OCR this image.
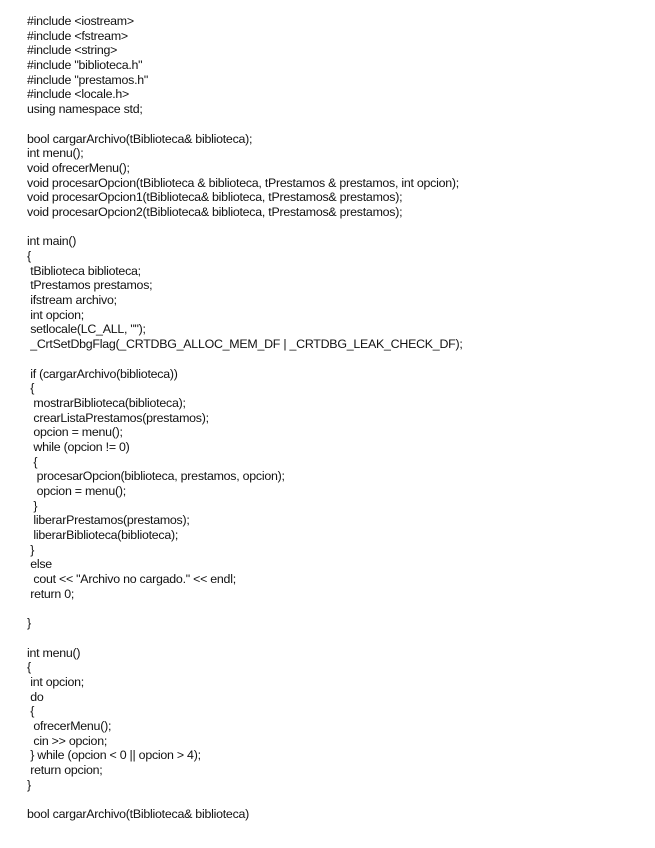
#include <iostream>
#include <fstream>
#include <string>
#include "biblioteca.h"
#include "prestamos.h"
#include <locale.h>
using namespace std;
bool cargarArchivo(tBiblioteca& biblioteca);
int menu();
void ofrecerMenu();
void procesarOpcion(tBiblioteca & biblioteca, tPrestamos & prestamos, int opcion);
void procesarOpcion1(tBiblioteca& biblioteca, tPrestamos& prestamos);
void procesarOpcion2(tBiblioteca& biblioteca, tPrestamos& prestamos);
int main()
{
tBiblioteca biblioteca;
tPrestamos prestamos;
ifstream archivo;
int opcion;
setlocale(LC_ALL, "");
_CrtSetDbgFlag(_CRTDBG_ALLOC_MEM_DF | _CRTDBG_LEAK_CHECK_DF);
if (cargarArchivo(biblioteca))
{
mostrarBiblioteca(biblioteca);
crearListaPrestamos(prestamos);
opcion = menu();
while (opcion != 0)
{
procesarOpcion(biblioteca, prestamos, opcion);
opcion = menu();
}
liberarPrestamos(prestamos);
liberarBiblioteca(biblioteca);
}
else
cout << "Archivo no cargado." << endl;
return 0;
}
int menu()
{
int opcion;
do
{
ofrecerMenu();
cin >> opcion;
} while (opcion < 0 || opcion > 4);
return opcion;
}
bool cargarArchivo(tBiblioteca& biblioteca)
